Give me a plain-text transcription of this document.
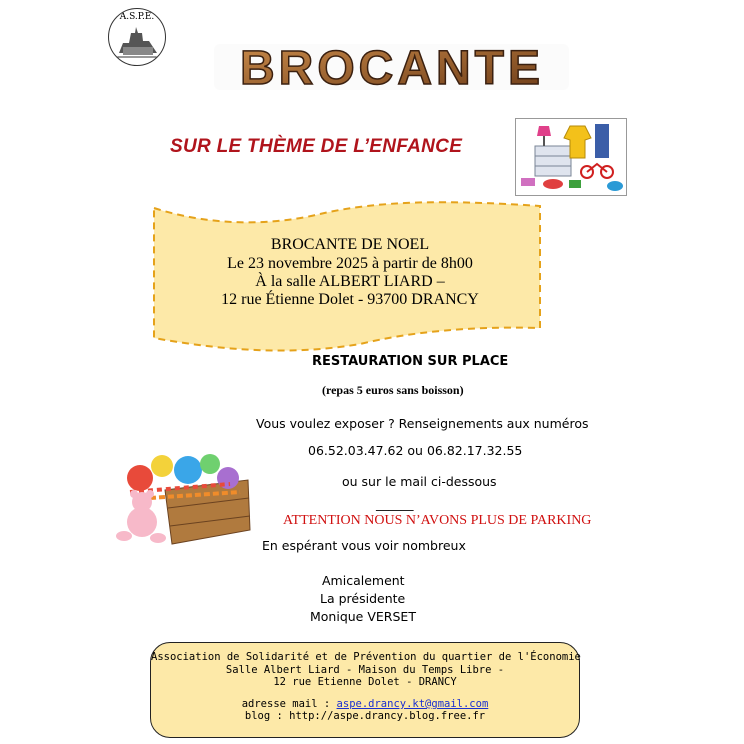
A.S.P.E.
BROCANTE
SUR LE THÈME DE L’ENFANCE
BROCANTE DE NOEL
Le 23 novembre 2025 à partir de 8h00
À la salle ALBERT LIARD –
12 rue Étienne Dolet - 93700 DRANCY
RESTAURATION SUR PLACE
(repas 5 euros sans boisson)
Vous voulez exposer ? Renseignements aux numéros
06.52.03.47.62 ou 06.82.17.32.55
ou sur le mail ci-dessous
______
ATTENTION NOUS N’AVONS PLUS DE PARKING
En espérant vous voir nombreux
Amicalement
La présidente
Monique VERSET
Association de Solidarité et de Prévention du quartier de l'Économie
Salle Albert Liard - Maison du Temps Libre -
12 rue Etienne Dolet - DRANCY
adresse mail : aspe.drancy.kt@gmail.com
blog : http://aspe.drancy.blog.free.fr
